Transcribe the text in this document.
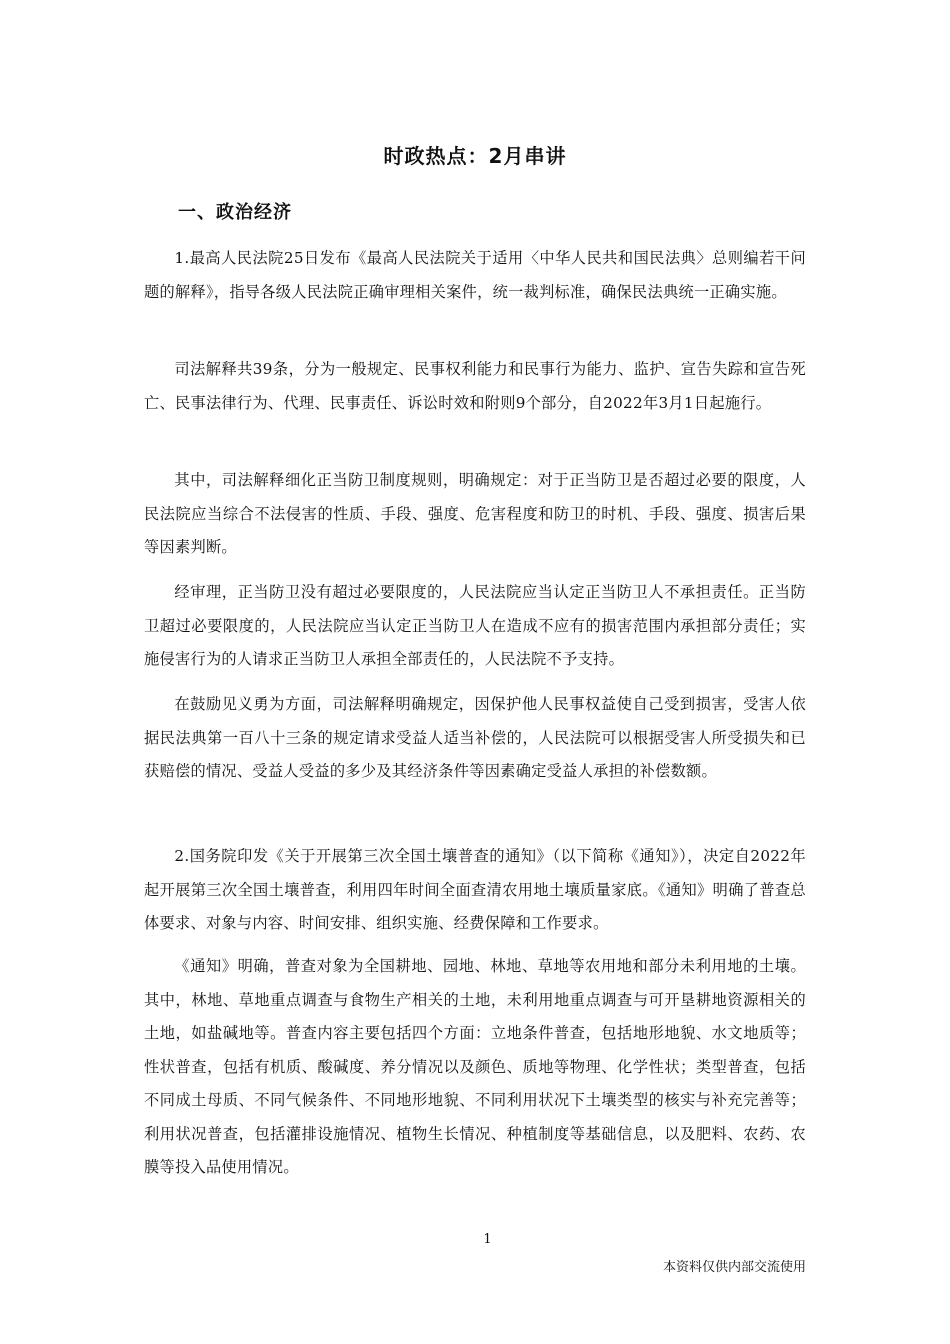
时政热点：2月串讲
一、政治经济

1.最高人民法院25日发布《最高人民法院关于适用〈中华人民共和国民法典〉总则编若干问题的解释》，指导各级人民法院正确审理相关案件，统一裁判标准，确保民法典统一正确实施。

司法解释共39条，分为一般规定、民事权利能力和民事行为能力、监护、宣告失踪和宣告死亡、民事法律行为、代理、民事责任、诉讼时效和附则9个部分，自2022年3月1日起施行。

其中，司法解释细化正当防卫制度规则，明确规定：对于正当防卫是否超过必要的限度，人民法院应当综合不法侵害的性质、手段、强度、危害程度和防卫的时机、手段、强度、损害后果等因素判断。

经审理，正当防卫没有超过必要限度的，人民法院应当认定正当防卫人不承担责任。正当防卫超过必要限度的，人民法院应当认定正当防卫人在造成不应有的损害范围内承担部分责任；实施侵害行为的人请求正当防卫人承担全部责任的，人民法院不予支持。

在鼓励见义勇为方面，司法解释明确规定，因保护他人民事权益使自己受到损害，受害人依据民法典第一百八十三条的规定请求受益人适当补偿的，人民法院可以根据受害人所受损失和已获赔偿的情况、受益人受益的多少及其经济条件等因素确定受益人承担的补偿数额。

2.国务院印发《关于开展第三次全国土壤普查的通知》（以下简称《通知》），决定自2022年起开展第三次全国土壤普查，利用四年时间全面查清农用地土壤质量家底。《通知》明确了普查总体要求、对象与内容、时间安排、组织实施、经费保障和工作要求。

《通知》明确，普查对象为全国耕地、园地、林地、草地等农用地和部分未利用地的土壤。其中，林地、草地重点调查与食物生产相关的土地，未利用地重点调查与可开垦耕地资源相关的土地，如盐碱地等。普查内容主要包括四个方面：立地条件普查，包括地形地貌、水文地质等；性状普查，包括有机质、酸碱度、养分情况以及颜色、质地等物理、化学性状；类型普查，包括不同成土母质、不同气候条件、不同地形地貌、不同利用状况下土壤类型的核实与补充完善等；利用状况普查，包括灌排设施情况、植物生长情况、种植制度等基础信息，以及肥料、农药、农膜等投入品使用情况。

1
本资料仅供内部交流使用
